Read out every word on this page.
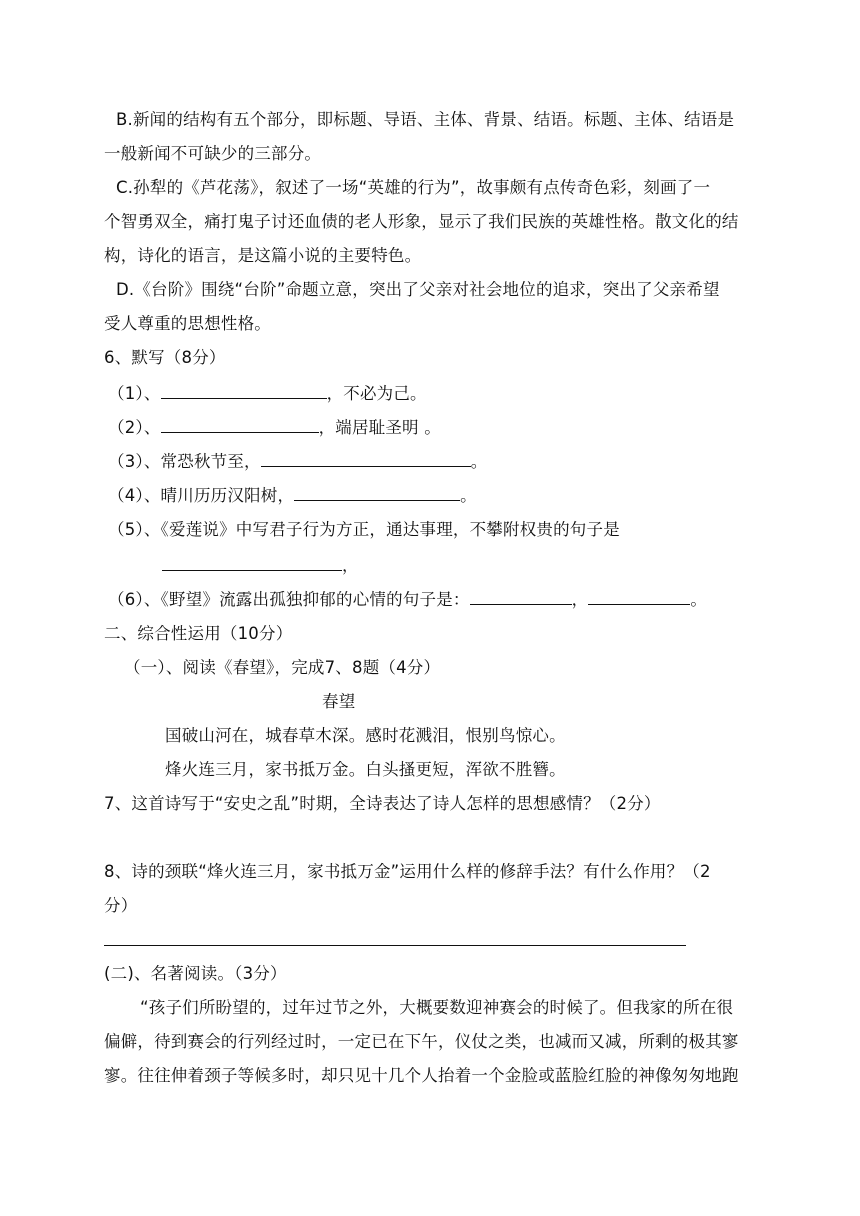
B.新闻的结构有五个部分，即标题、导语、主体、背景、结语。标题、主体、结语是
一般新闻不可缺少的三部分。
C.孙犁的《芦花荡》，叙述了一场“英雄的行为”，故事颇有点传奇色彩，刻画了一
个智勇双全，痛打鬼子讨还血债的老人形象，显示了我们民族的英雄性格。散文化的结
构，诗化的语言，是这篇小说的主要特色。
D.《台阶》围绕“台阶”命题立意，突出了父亲对社会地位的追求，突出了父亲希望
受人尊重的思想性格。
6、默写（8分）
（1）、	，不必为己。
（2）、	，端居耻圣明 。
（3）、常恐秋节至，	。
（4）、晴川历历汉阳树，	。
（5）、《爱莲说》中写君子行为方正，通达事理，不攀附权贵的句子是
，
（6）、《野望》流露出孤独抑郁的心情的句子是：	，	。
二、综合性运用（10分）
（一）、阅读《春望》，完成7、8题（4分）
春望
国破山河在，城春草木深。感时花溅泪，恨别鸟惊心。
烽火连三月，家书抵万金。白头搔更短，浑欲不胜簪。
7、这首诗写于“安史之乱”时期，全诗表达了诗人怎样的思想感情？（2分）
8、诗的颈联“烽火连三月，家书抵万金”运用什么样的修辞手法？有什么作用？（2
分）
(二)、名著阅读。（3分）
“孩子们所盼望的，过年过节之外，大概要数迎神赛会的时候了。但我家的所在很
偏僻，待到赛会的行列经过时，一定已在下午，仪仗之类，也减而又减，所剩的极其寥
寥。往往伸着颈子等候多时，却只见十几个人抬着一个金脸或蓝脸红脸的神像匆匆地跑
